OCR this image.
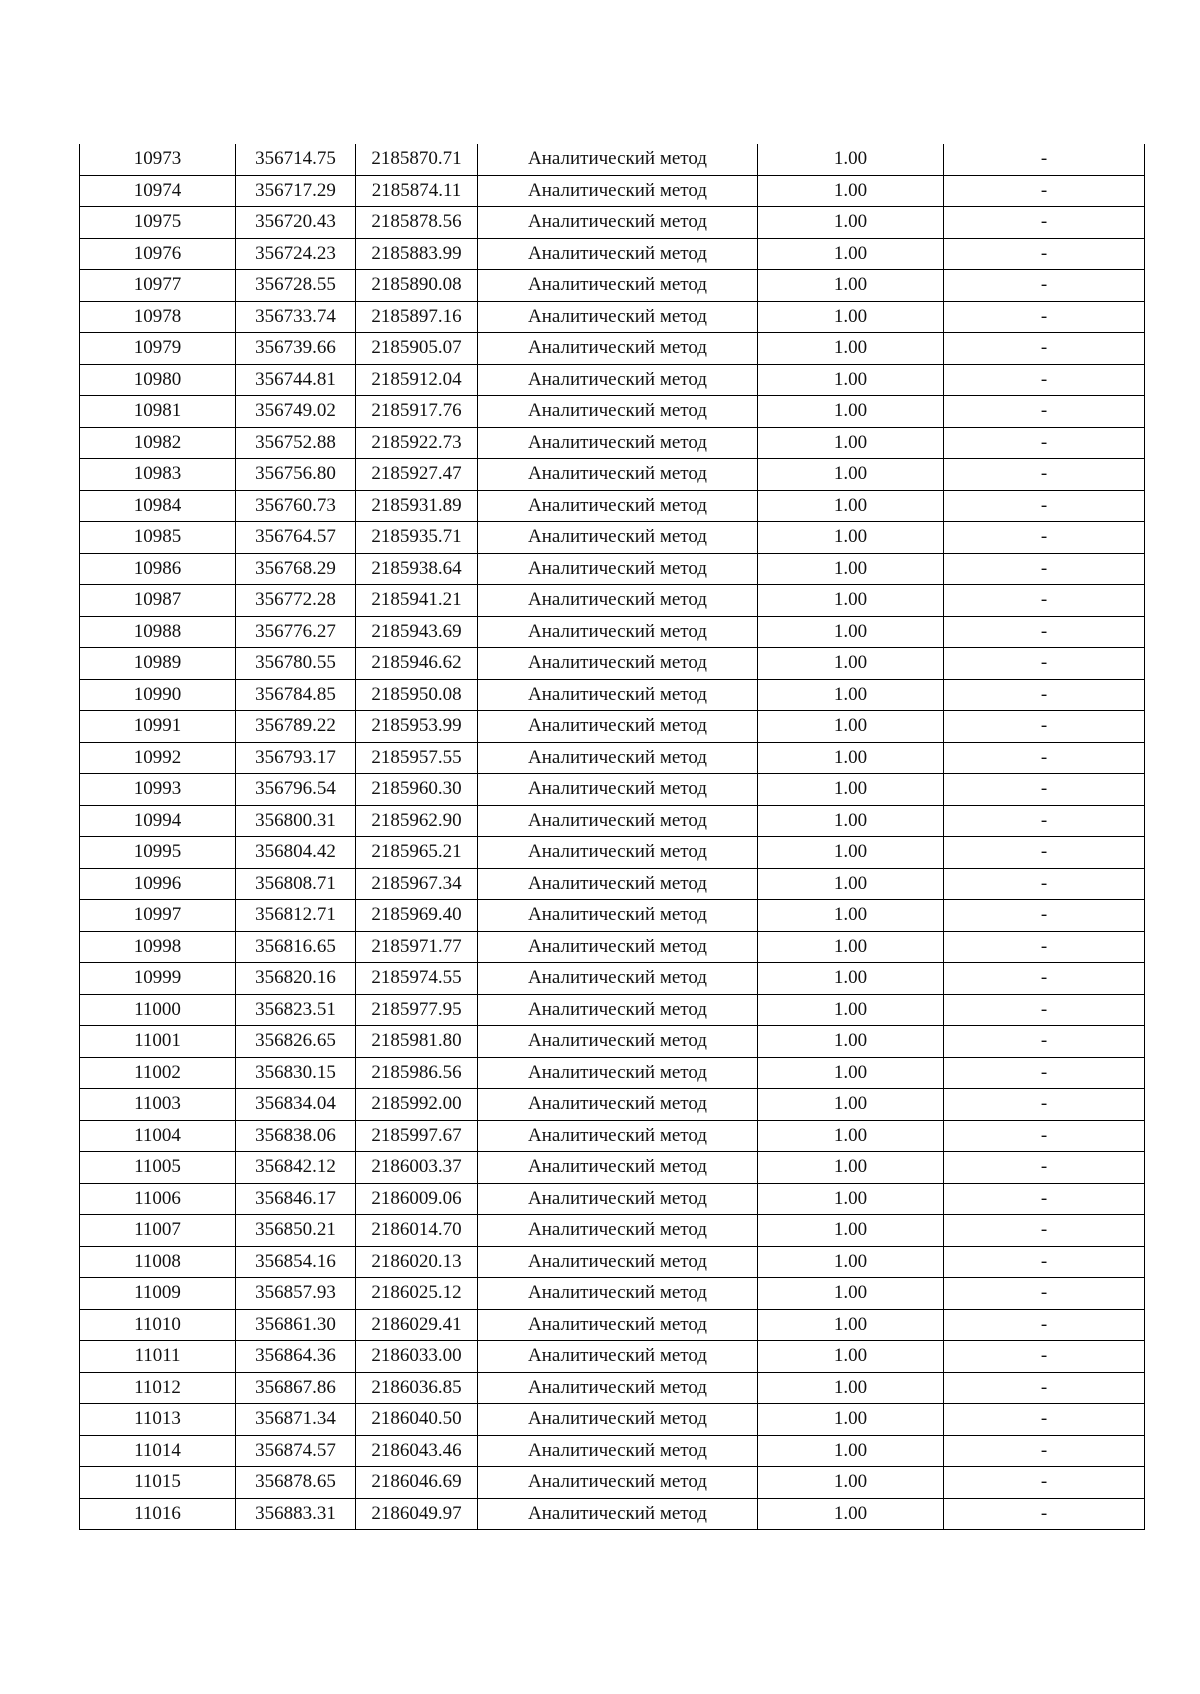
10973	356714.75	2185870.71	Аналитический метод	1.00	-
10974	356717.29	2185874.11	Аналитический метод	1.00	-
10975	356720.43	2185878.56	Аналитический метод	1.00	-
10976	356724.23	2185883.99	Аналитический метод	1.00	-
10977	356728.55	2185890.08	Аналитический метод	1.00	-
10978	356733.74	2185897.16	Аналитический метод	1.00	-
10979	356739.66	2185905.07	Аналитический метод	1.00	-
10980	356744.81	2185912.04	Аналитический метод	1.00	-
10981	356749.02	2185917.76	Аналитический метод	1.00	-
10982	356752.88	2185922.73	Аналитический метод	1.00	-
10983	356756.80	2185927.47	Аналитический метод	1.00	-
10984	356760.73	2185931.89	Аналитический метод	1.00	-
10985	356764.57	2185935.71	Аналитический метод	1.00	-
10986	356768.29	2185938.64	Аналитический метод	1.00	-
10987	356772.28	2185941.21	Аналитический метод	1.00	-
10988	356776.27	2185943.69	Аналитический метод	1.00	-
10989	356780.55	2185946.62	Аналитический метод	1.00	-
10990	356784.85	2185950.08	Аналитический метод	1.00	-
10991	356789.22	2185953.99	Аналитический метод	1.00	-
10992	356793.17	2185957.55	Аналитический метод	1.00	-
10993	356796.54	2185960.30	Аналитический метод	1.00	-
10994	356800.31	2185962.90	Аналитический метод	1.00	-
10995	356804.42	2185965.21	Аналитический метод	1.00	-
10996	356808.71	2185967.34	Аналитический метод	1.00	-
10997	356812.71	2185969.40	Аналитический метод	1.00	-
10998	356816.65	2185971.77	Аналитический метод	1.00	-
10999	356820.16	2185974.55	Аналитический метод	1.00	-
11000	356823.51	2185977.95	Аналитический метод	1.00	-
11001	356826.65	2185981.80	Аналитический метод	1.00	-
11002	356830.15	2185986.56	Аналитический метод	1.00	-
11003	356834.04	2185992.00	Аналитический метод	1.00	-
11004	356838.06	2185997.67	Аналитический метод	1.00	-
11005	356842.12	2186003.37	Аналитический метод	1.00	-
11006	356846.17	2186009.06	Аналитический метод	1.00	-
11007	356850.21	2186014.70	Аналитический метод	1.00	-
11008	356854.16	2186020.13	Аналитический метод	1.00	-
11009	356857.93	2186025.12	Аналитический метод	1.00	-
11010	356861.30	2186029.41	Аналитический метод	1.00	-
11011	356864.36	2186033.00	Аналитический метод	1.00	-
11012	356867.86	2186036.85	Аналитический метод	1.00	-
11013	356871.34	2186040.50	Аналитический метод	1.00	-
11014	356874.57	2186043.46	Аналитический метод	1.00	-
11015	356878.65	2186046.69	Аналитический метод	1.00	-
11016	356883.31	2186049.97	Аналитический метод	1.00	-
